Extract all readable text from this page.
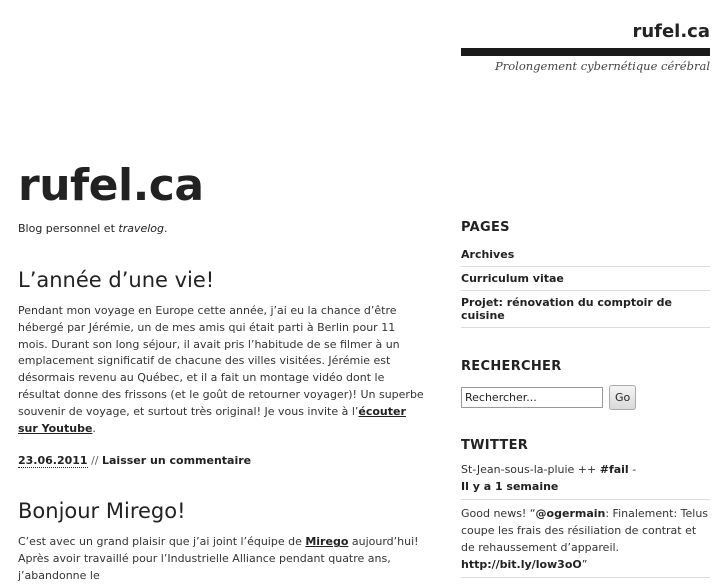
rufel.ca
Prolongement cybernétique cérébral
rufel.ca
Blog personnel et travelog.
L’année d’une vie!
Pendant mon voyage en Europe cette année, j’ai eu la chance d’être hébergé par Jérémie, un de mes amis qui était parti à Berlin pour 11 mois. Durant son long séjour, il avait pris l’habitude de se filmer à un emplacement significatif de chacune des villes visitées. Jérémie est désormais revenu au Québec, et il a fait un montage vidéo dont le résultat donne des frissons (et le goût de retourner voyager)! Un superbe souvenir de voyage, et surtout très original! Je vous invite à l’écouter sur Youtube.
23.06.2011 // Laisser un commentaire
Bonjour Mirego!
C’est avec un grand plaisir que j’ai joint l’équipe de Mirego aujourd’hui! Après avoir travaillé pour l’Industrielle Alliance pendant quatre ans, j’abandonne le
PAGES
Archives
Curriculum vitae
Projet: rénovation du comptoir de cuisine
RECHERCHER
Rechercher...
Go
TWITTER
St-Jean-sous-la-pluie ++ #fail -
Il y a 1 semaine
Good news! “@ogermain: Finalement: Telus coupe les frais des résiliation de contrat et de rehaussement d’appareil. http://bit.ly/low3oO”
